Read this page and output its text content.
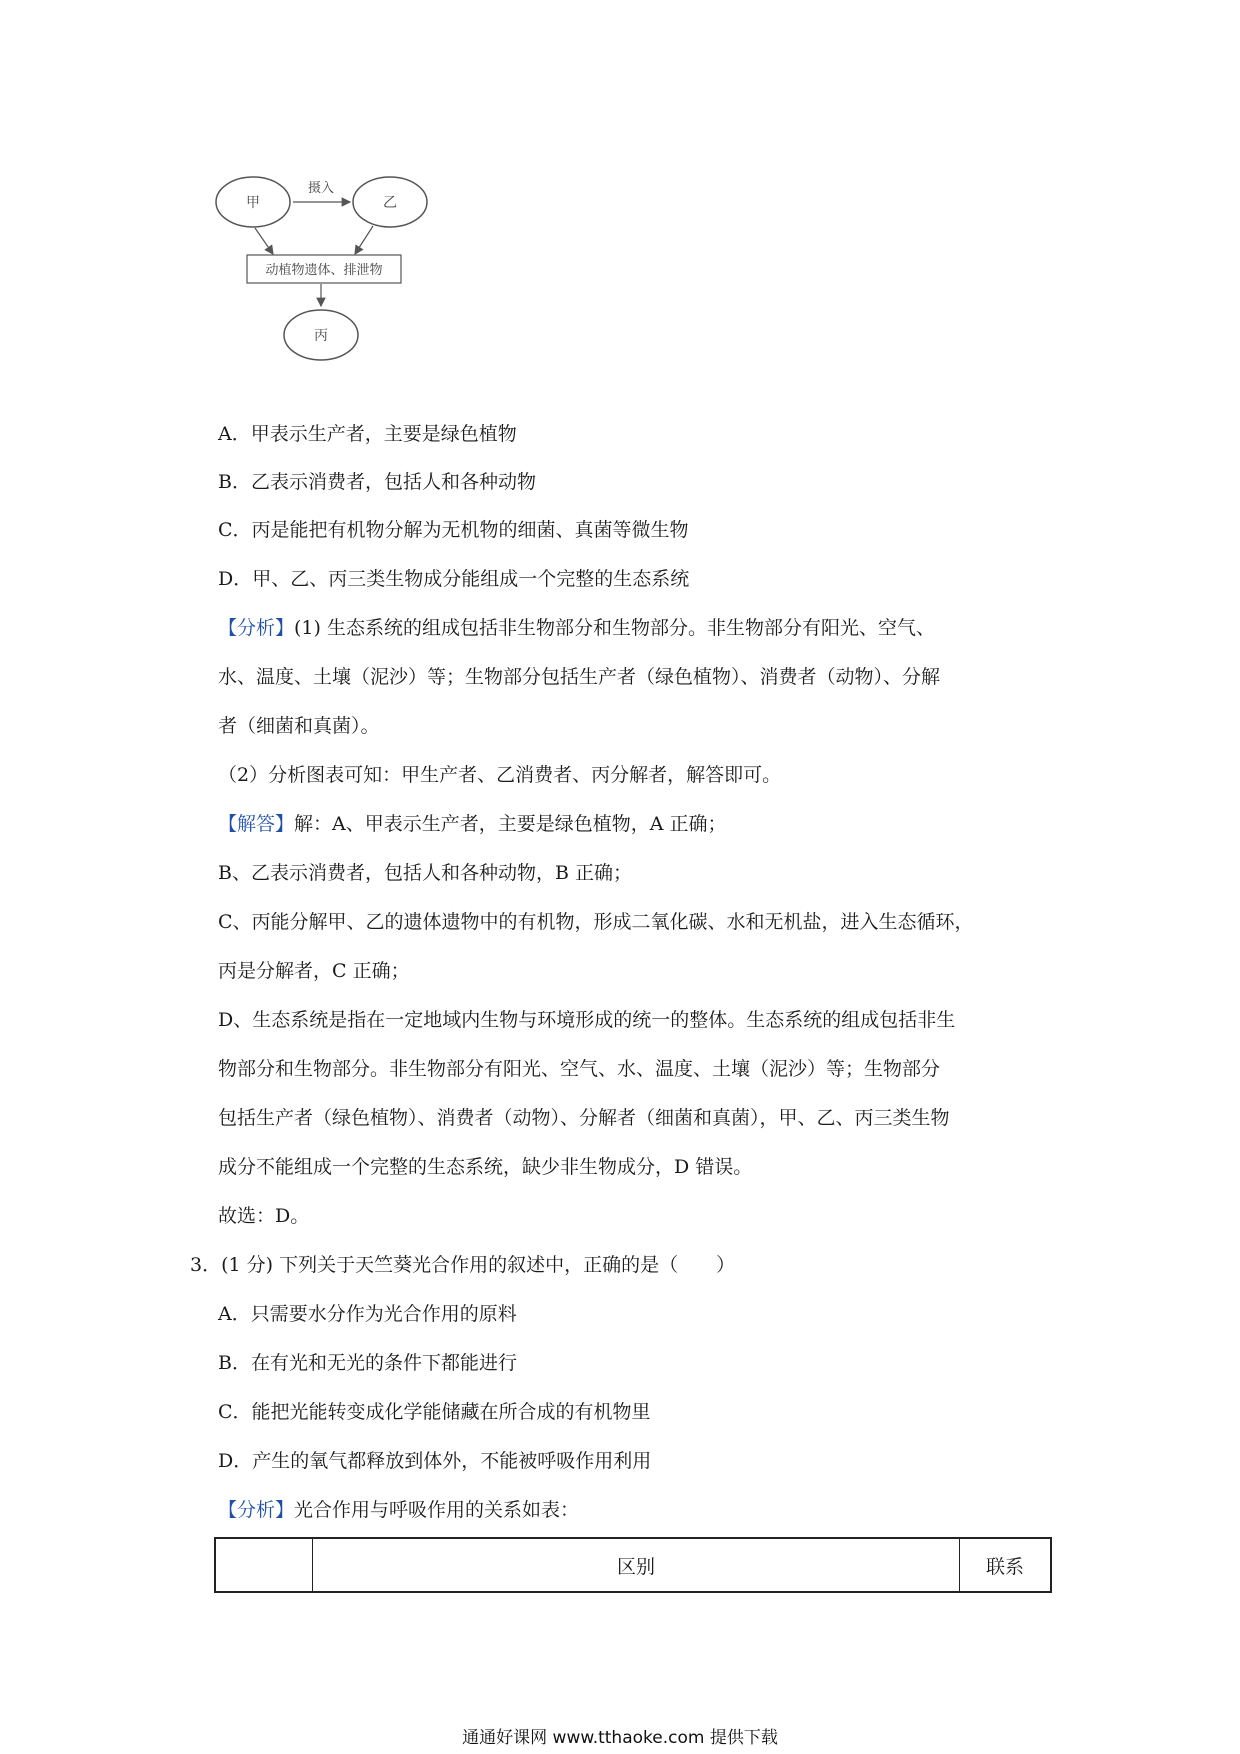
甲
摄入
乙
动植物遗体、排泄物
丙
A．甲表示生产者，主要是绿色植物
B．乙表示消费者，包括人和各种动物
C．丙是能把有机物分解为无机物的细菌、真菌等微生物
D．甲、乙、丙三类生物成分能组成一个完整的生态系统
【分析】(1) 生态系统的组成包括非生物部分和生物部分。非生物部分有阳光、空气、
水、温度、土壤（泥沙）等；生物部分包括生产者（绿色植物）、消费者（动物）、分解
者（细菌和真菌）。
（2）分析图表可知：甲生产者、乙消费者、丙分解者，解答即可。
【解答】解：A、甲表示生产者，主要是绿色植物，A 正确；
B、乙表示消费者，包括人和各种动物，B 正确；
C、丙能分解甲、乙的遗体遗物中的有机物，形成二氧化碳、水和无机盐，进入生态循环，
丙是分解者，C 正确；
D、生态系统是指在一定地域内生物与环境形成的统一的整体。生态系统的组成包括非生
物部分和生物部分。非生物部分有阳光、空气、水、温度、土壤（泥沙）等；生物部分
包括生产者（绿色植物）、消费者（动物）、分解者（细菌和真菌），甲、乙、丙三类生物
成分不能组成一个完整的生态系统，缺少非生物成分，D 错误。
故选：D。
3．(1 分) 下列关于天竺葵光合作用的叙述中，正确的是（　　）
A．只需要水分作为光合作用的原料
B．在有光和无光的条件下都能进行
C．能把光能转变成化学能储藏在所合成的有机物里
D．产生的氧气都释放到体外，不能被呼吸作用利用
【分析】光合作用与呼吸作用的关系如表：
区别	联系
通通好课网 www.tthaoke.com 提供下载
